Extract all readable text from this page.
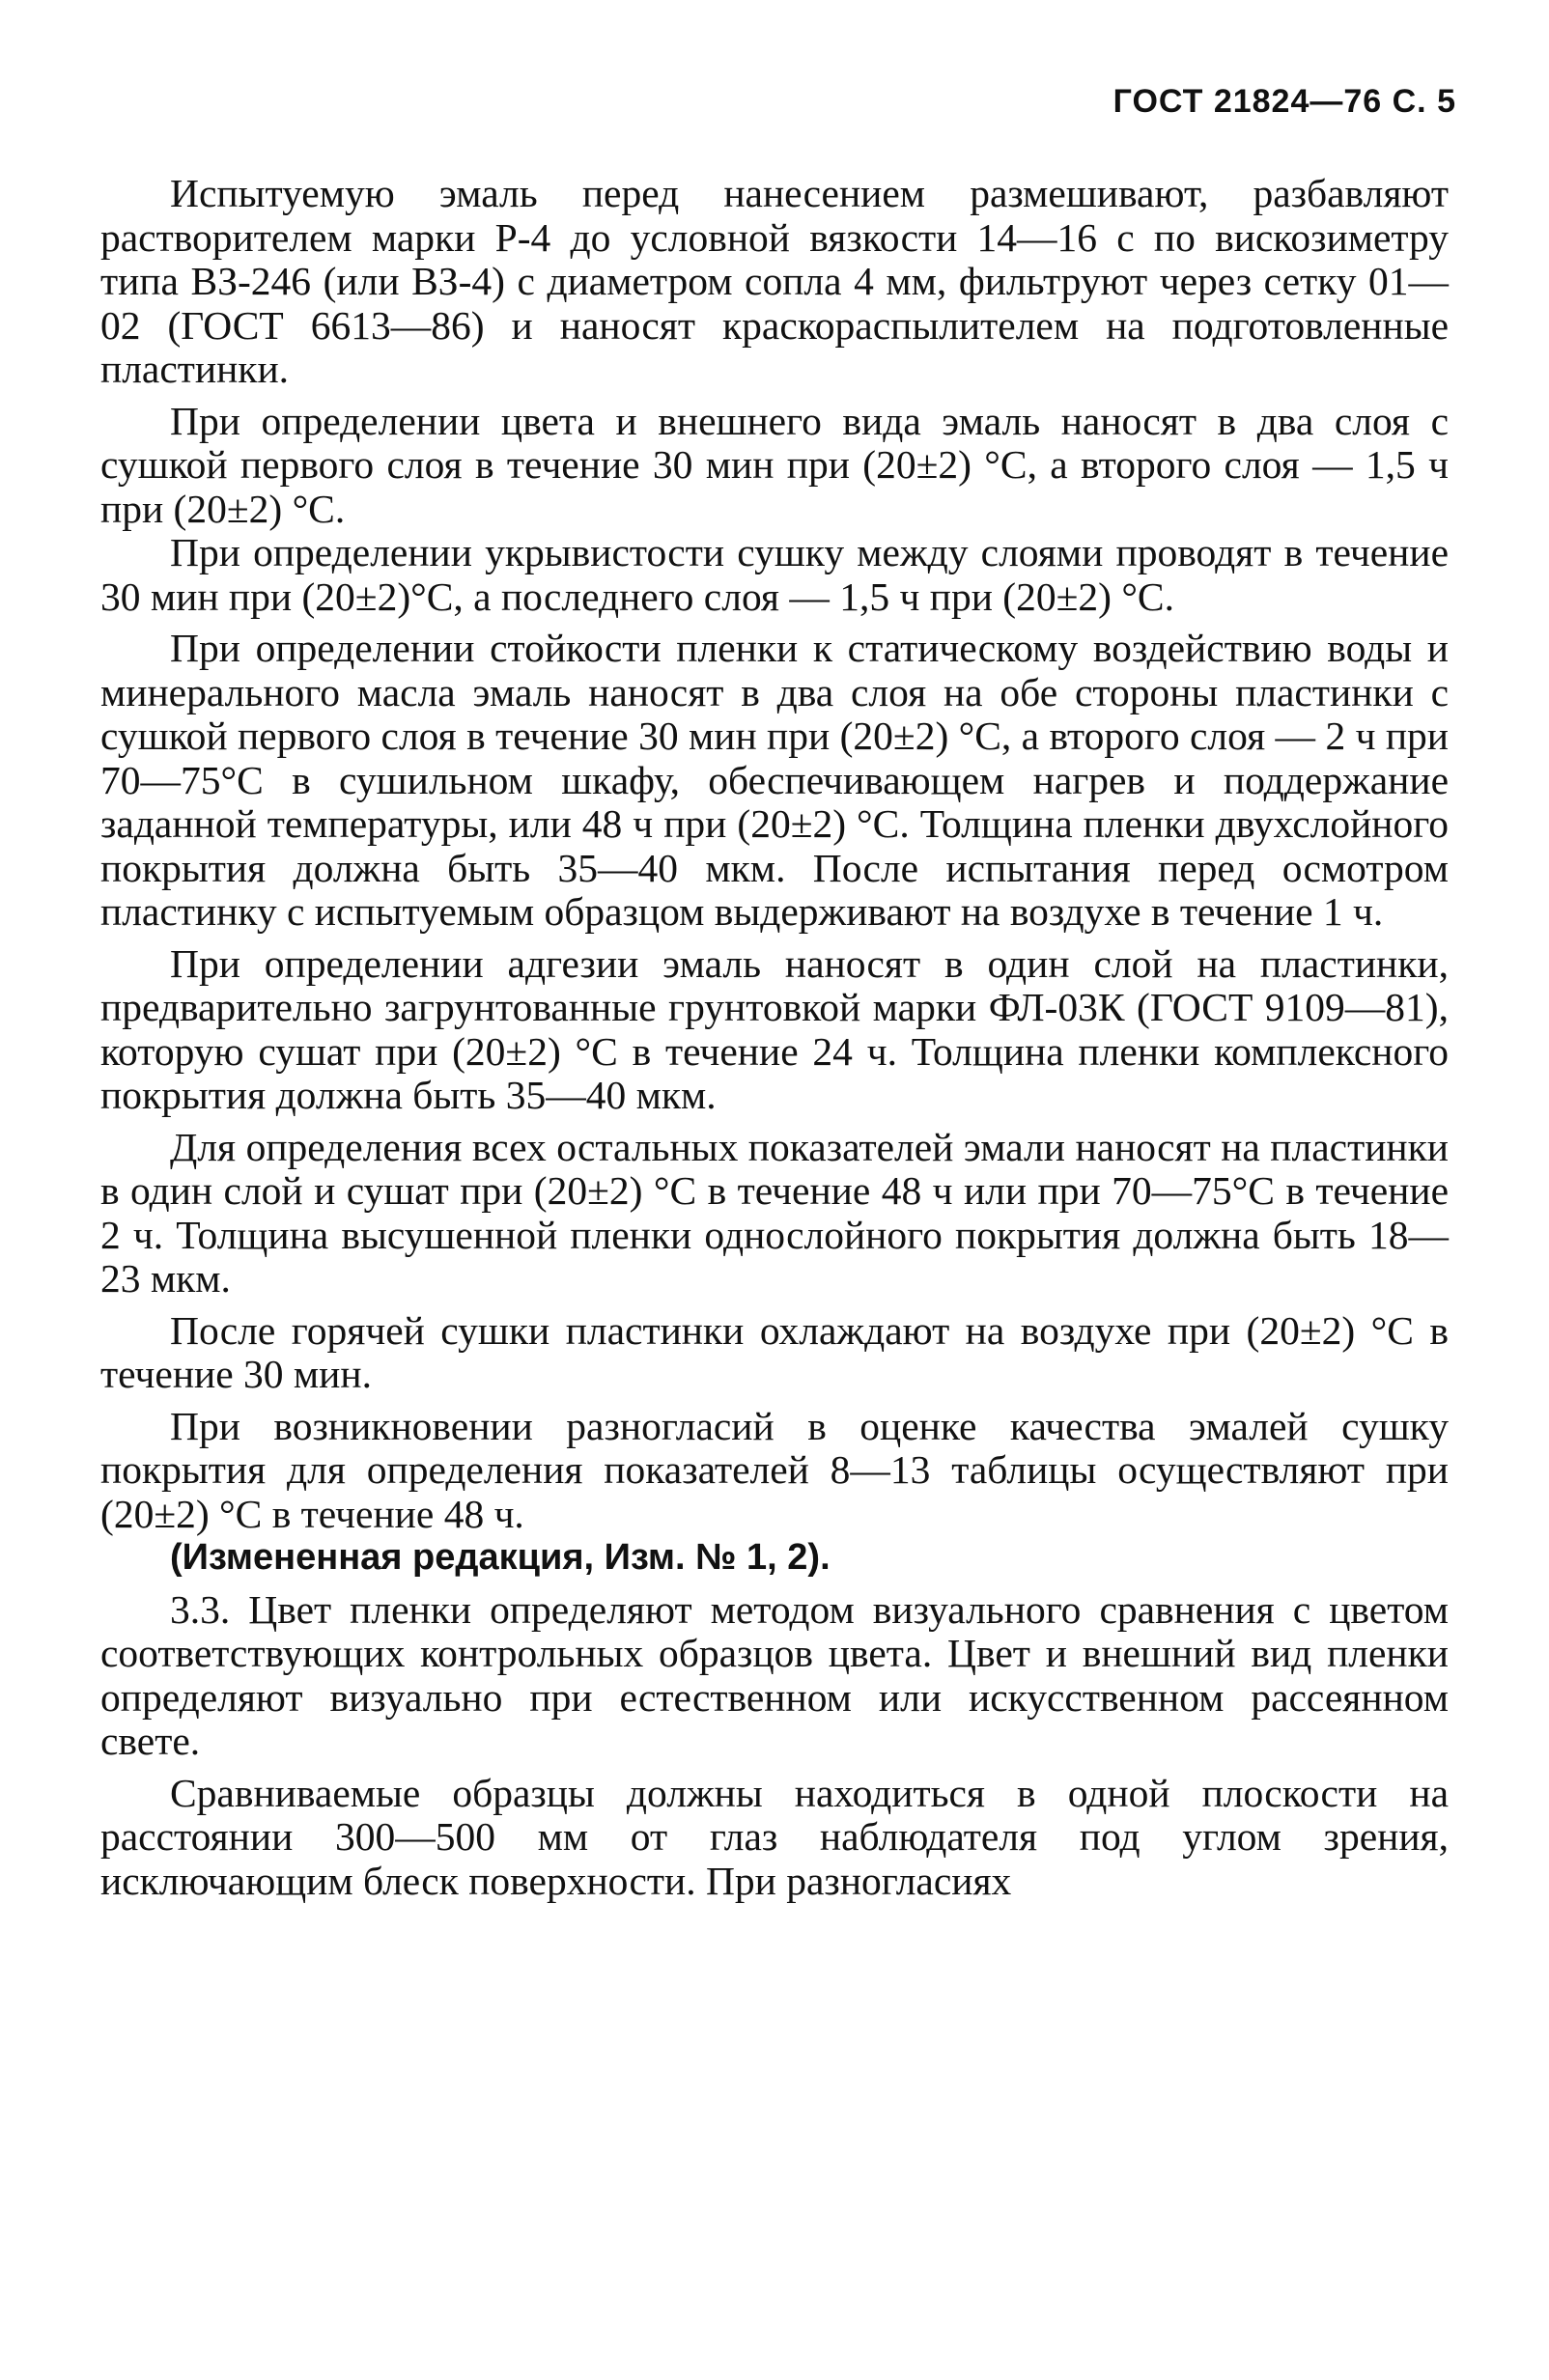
ГОСТ 21824—76 С. 5

Испытуемую эмаль перед нанесением размешивают, разбавляют растворителем марки Р-4 до условной вязкости 14—16 с по вискозиметру типа ВЗ-246 (или ВЗ-4) с диаметром сопла 4 мм, фильтруют через сетку 01—02 (ГОСТ 6613—86) и наносят краскораспылителем на подготовленные пластинки.

При определении цвета и внешнего вида эмаль наносят в два слоя с сушкой первого слоя в течение 30 мин при (20±2) °С, а второго слоя — 1,5 ч при (20±2) °С.

При определении укрывистости сушку между слоями проводят в течение 30 мин при (20±2)°С, а последнего слоя — 1,5 ч при (20±2) °С.

При определении стойкости пленки к статическому воздействию воды и минерального масла эмаль наносят в два слоя на обе стороны пластинки с сушкой первого слоя в течение 30 мин при (20±2) °С, а второго слоя — 2 ч при 70—75°С в сушильном шкафу, обеспечивающем нагрев и поддержание заданной температуры, или 48 ч при (20±2) °С. Толщина пленки двухслойного покрытия должна быть 35—40 мкм. После испытания перед осмотром пластинку с испытуемым образцом выдерживают на воздухе в течение 1 ч.

При определении адгезии эмаль наносят в один слой на пластинки, предварительно загрунтованные грунтовкой марки ФЛ-03К (ГОСТ 9109—81), которую сушат при (20±2) °С в течение 24 ч. Толщина пленки комплексного покрытия должна быть 35—40 мкм.

Для определения всех остальных показателей эмали наносят на пластинки в один слой и сушат при (20±2) °С в течение 48 ч или при 70—75°С в течение 2 ч. Толщина высушенной пленки однослойного покрытия должна быть 18—23 мкм.

После горячей сушки пластинки охлаждают на воздухе при (20±2) °С в течение 30 мин.

При возникновении разногласий в оценке качества эмалей сушку покрытия для определения показателей 8—13 таблицы осуществляют при (20±2) °С в течение 48 ч.

(Измененная редакция, Изм. № 1, 2).

3.3. Цвет пленки определяют методом визуального сравнения с цветом соответствующих контрольных образцов цвета. Цвет и внешний вид пленки определяют визуально при естественном или искусственном рассеянном свете.

Сравниваемые образцы должны находиться в одной плоскости на расстоянии 300—500 мм от глаз наблюдателя под углом зрения, исключающим блеск поверхности. При разногласиях
